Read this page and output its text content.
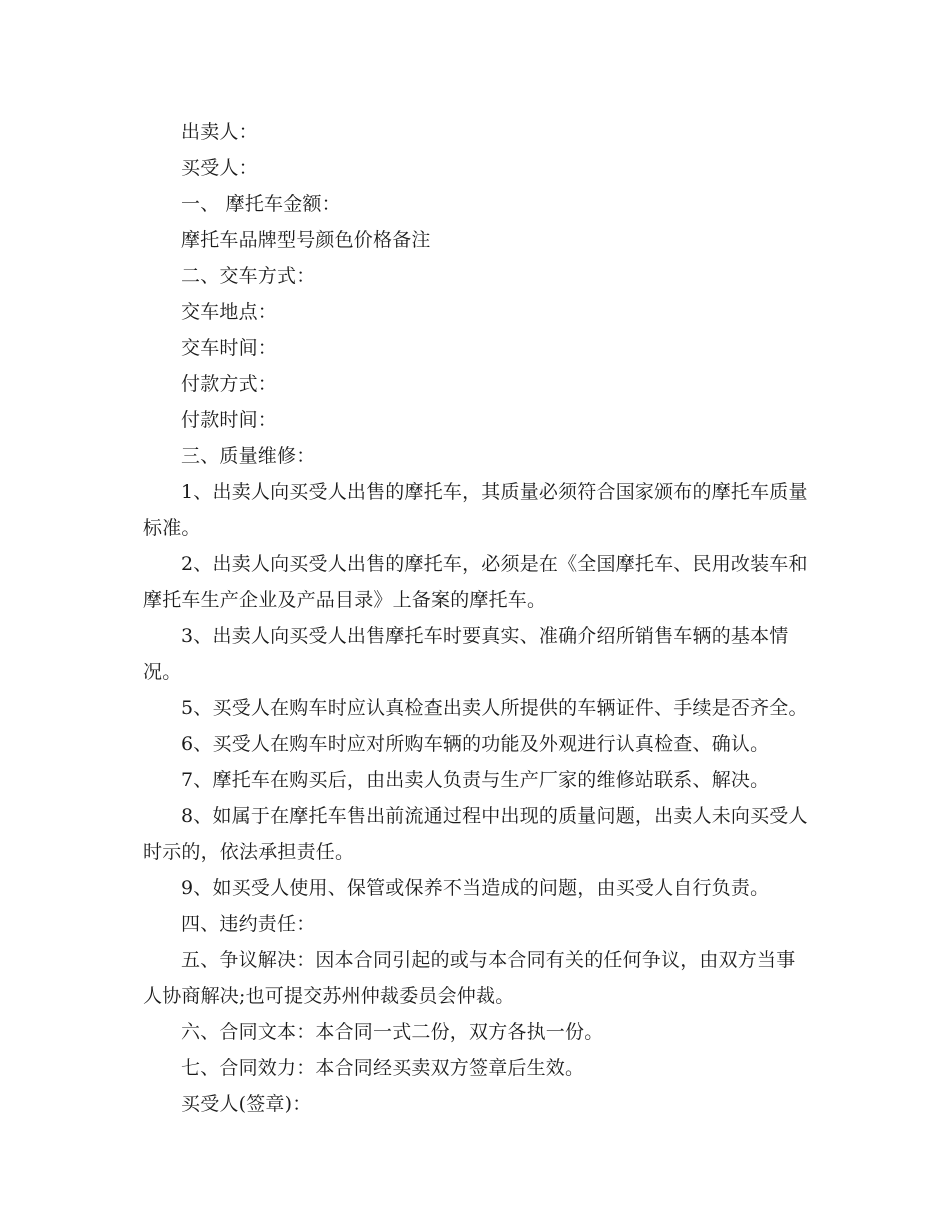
出卖人：

买受人：

一、 摩托车金额：

摩托车品牌型号颜色价格备注

二、交车方式：

交车地点：

交车时间：

付款方式：

付款时间：

三、质量维修：

1、出卖人向买受人出售的摩托车，其质量必须符合国家颁布的摩托车质量标准。

2、出卖人向买受人出售的摩托车，必须是在《全国摩托车、民用改装车和摩托车生产企业及产品目录》上备案的摩托车。

3、出卖人向买受人出售摩托车时要真实、准确介绍所销售车辆的基本情况。

5、买受人在购车时应认真检查出卖人所提供的车辆证件、手续是否齐全。

6、买受人在购车时应对所购车辆的功能及外观进行认真检查、确认。

7、摩托车在购买后，由出卖人负责与生产厂家的维修站联系、解决。

8、如属于在摩托车售出前流通过程中出现的质量问题，出卖人未向买受人时示的，依法承担责任。

9、如买受人使用、保管或保养不当造成的问题，由买受人自行负责。

四、违约责任：

五、争议解决：因本合同引起的或与本合同有关的任何争议，由双方当事人协商解决;也可提交苏州仲裁委员会仲裁。

六、合同文本：本合同一式二份，双方各执一份。

七、合同效力：本合同经买卖双方签章后生效。

买受人(签章)：
